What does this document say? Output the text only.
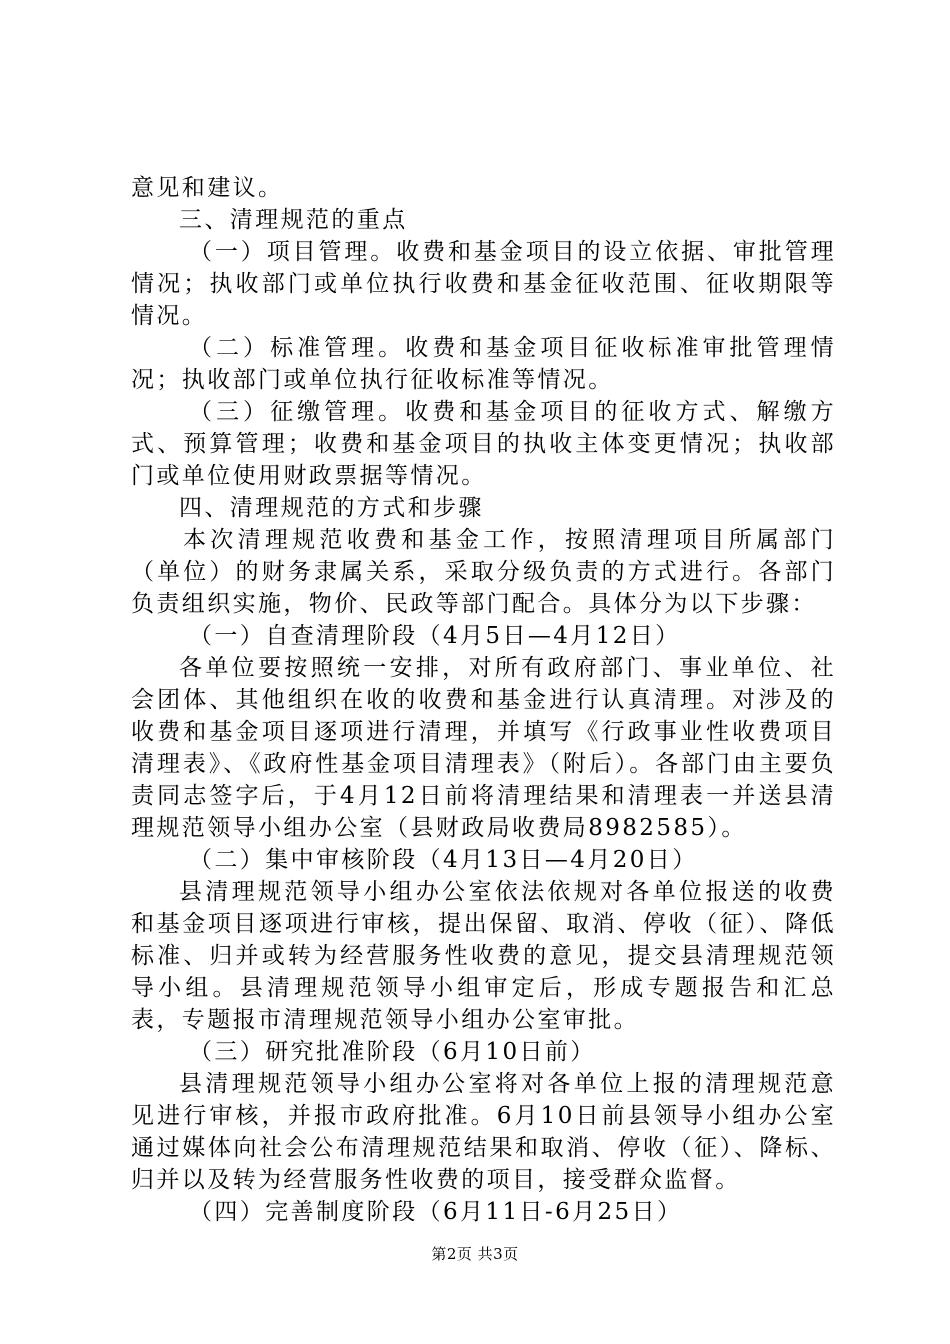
意见和建议。

三、清理规范的重点

（一）项目管理。收费和基金项目的设立依据、审批管理情况；执收部门或单位执行收费和基金征收范围、征收期限等情况。

（二）标准管理。收费和基金项目征收标准审批管理情况；执收部门或单位执行征收标准等情况。

（三）征缴管理。收费和基金项目的征收方式、解缴方式、预算管理；收费和基金项目的执收主体变更情况；执收部门或单位使用财政票据等情况。

四、清理规范的方式和步骤

本次清理规范收费和基金工作，按照清理项目所属部门（单位）的财务隶属关系，采取分级负责的方式进行。各部门负责组织实施，物价、民政等部门配合。具体分为以下步骤：

（一）自查清理阶段（4月5日—4月12日）

各单位要按照统一安排，对所有政府部门、事业单位、社会团体、其他组织在收的收费和基金进行认真清理。对涉及的收费和基金项目逐项进行清理，并填写《行政事业性收费项目清理表》、《政府性基金项目清理表》（附后）。各部门由主要负责同志签字后，于4月12日前将清理结果和清理表一并送县清理规范领导小组办公室（县财政局收费局8982585）。

（二）集中审核阶段（4月13日—4月20日）

县清理规范领导小组办公室依法依规对各单位报送的收费和基金项目逐项进行审核，提出保留、取消、停收（征）、降低标准、归并或转为经营服务性收费的意见，提交县清理规范领导小组。县清理规范领导小组审定后，形成专题报告和汇总表，专题报市清理规范领导小组办公室审批。

（三）研究批准阶段（6月10日前）

县清理规范领导小组办公室将对各单位上报的清理规范意见进行审核，并报市政府批准。6月10日前县领导小组办公室通过媒体向社会公布清理规范结果和取消、停收（征）、降标、归并以及转为经营服务性收费的项目，接受群众监督。

（四）完善制度阶段（6月11日-6月25日）

第2页 共3页
